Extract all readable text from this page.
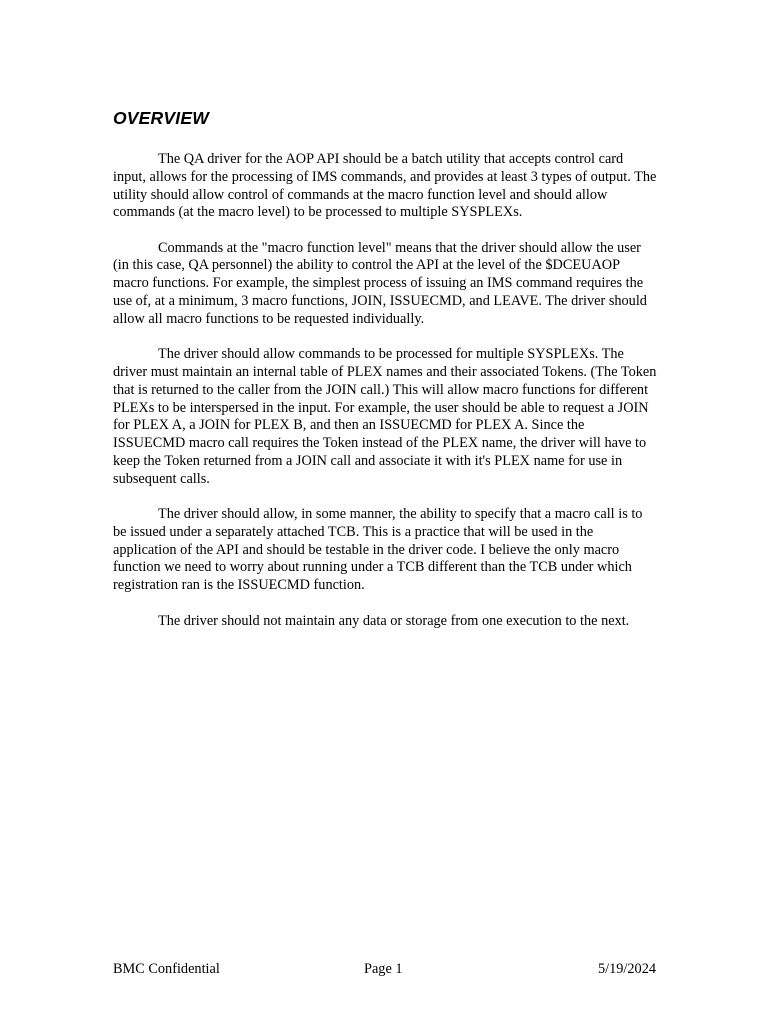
OVERVIEW

The QA driver for the AOP API should be a batch utility that accepts control card input, allows for the processing of IMS commands, and provides at least 3 types of output. The utility should allow control of commands at the macro function level and should allow commands (at the macro level) to be processed to multiple SYSPLEXs.

Commands at the "macro function level" means that the driver should allow the user (in this case, QA personnel) the ability to control the API at the level of the $DCEUAOP macro functions. For example, the simplest process of issuing an IMS command requires the use of, at a minimum, 3 macro functions, JOIN, ISSUECMD, and LEAVE. The driver should allow all macro functions to be requested individually.

The driver should allow commands to be processed for multiple SYSPLEXs. The driver must maintain an internal table of PLEX names and their associated Tokens. (The Token that is returned to the caller from the JOIN call.) This will allow macro functions for different PLEXs to be interspersed in the input. For example, the user should be able to request a JOIN for PLEX A, a JOIN for PLEX B, and then an ISSUECMD for PLEX A. Since the ISSUECMD macro call requires the Token instead of the PLEX name, the driver will have to keep the Token returned from a JOIN call and associate it with it's PLEX name for use in subsequent calls.

The driver should allow, in some manner, the ability to specify that a macro call is to be issued under a separately attached TCB. This is a practice that will be used in the application of the API and should be testable in the driver code. I believe the only macro function we need to worry about running under a TCB different than the TCB under which registration ran is the ISSUECMD function.

The driver should not maintain any data or storage from one execution to the next.

BMC Confidential	Page 1	5/19/2024
